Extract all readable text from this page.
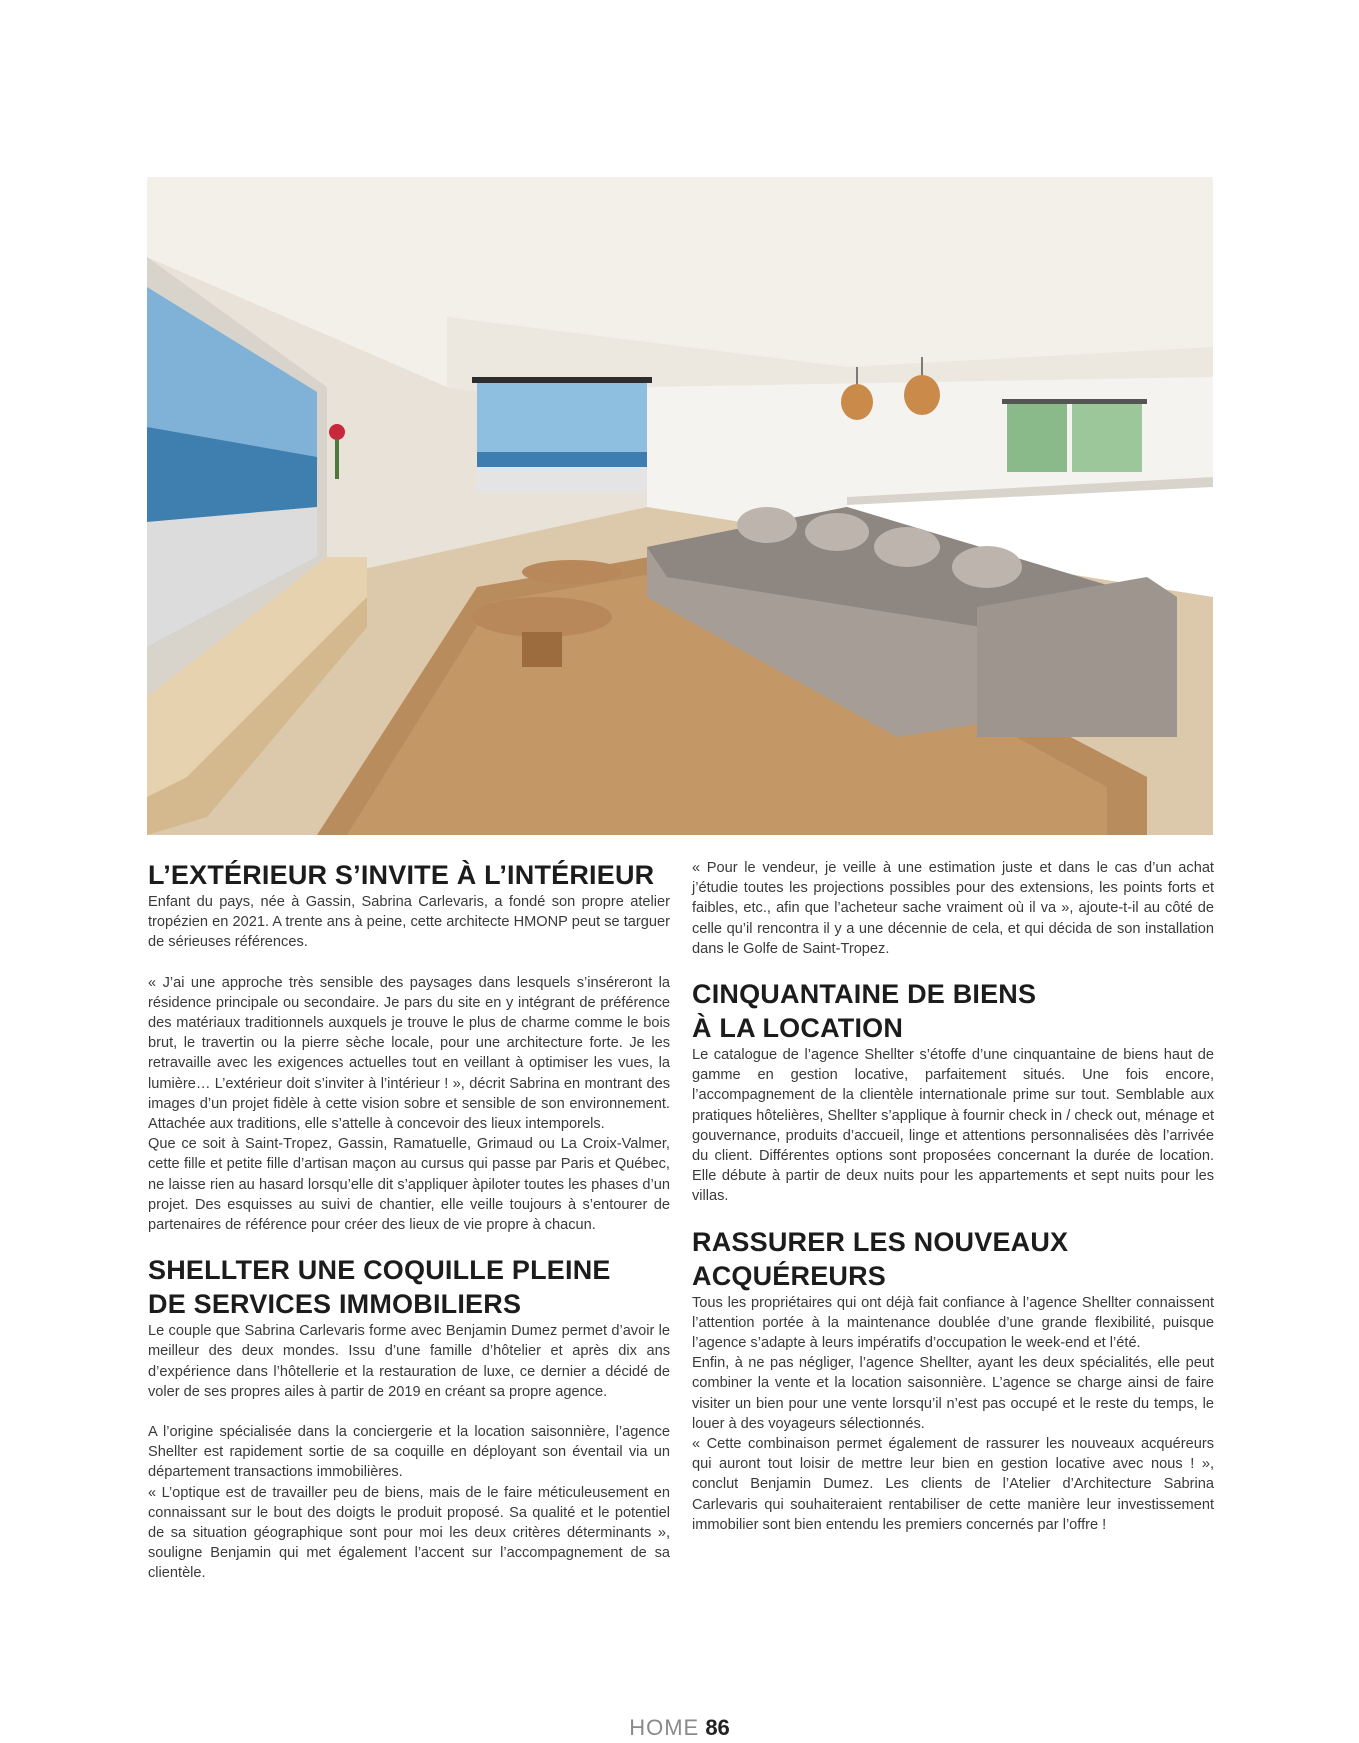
L’EXTÉRIEUR S’INVITE À L’INTÉRIEUR

Enfant du pays, née à Gassin, Sabrina Carlevaris, a fondé son propre atelier tropézien en 2021. A trente ans à peine, cette architecte HMONP peut se targuer de sérieuses références.

« J’ai une approche très sensible des paysages dans lesquels s’inséreront la résidence principale ou secondaire. Je pars du site en y intégrant de préférence des matériaux traditionnels auxquels je trouve le plus de charme comme le bois brut, le travertin ou la pierre sèche locale, pour une architecture forte. Je les retravaille avec les exigences actuelles tout en veillant à optimiser les vues, la lumière… L’extérieur doit s’inviter à l’intérieur ! », décrit Sabrina en montrant des images d’un projet fidèle à cette vision sobre et sensible de son environnement. Attachée aux traditions, elle s’attelle à concevoir des lieux intemporels.

Que ce soit à Saint-Tropez, Gassin, Ramatuelle, Grimaud ou La Croix-Valmer, cette fille et petite fille d’artisan maçon au cursus qui passe par Paris et Québec, ne laisse rien au hasard lorsqu’elle dit s’appliquer àpiloter toutes les phases d’un projet. Des esquisses au suivi de chantier, elle veille toujours à s’entourer de partenaires de référence pour créer des lieux de vie propre à chacun.

SHELLTER UNE COQUILLE PLEINE
DE SERVICES IMMOBILIERS

Le couple que Sabrina Carlevaris forme avec Benjamin Dumez permet d’avoir le meilleur des deux mondes. Issu d’une famille d’hôtelier et après dix ans d’expérience dans l’hôtellerie et la restauration de luxe, ce dernier a décidé de voler de ses propres ailes à partir de 2019 en créant sa propre agence.

A l’origine spécialisée dans la conciergerie et la location saisonnière, l’agence Shellter est rapidement sortie de sa coquille en déployant son éventail via un département transactions immobilières.

« L’optique est de travailler peu de biens, mais de le faire méticuleusement en connaissant sur le bout des doigts le produit proposé. Sa qualité et le potentiel de sa situation géographique sont pour moi les deux critères déterminants », souligne Benjamin qui met également l’accent sur l’accompagnement de sa clientèle.

« Pour le vendeur, je veille à une estimation juste et dans le cas d’un achat j’étudie toutes les projections possibles pour des extensions, les points forts et faibles, etc., afin que l’acheteur sache vraiment où il va », ajoute-t-il au côté de celle qu’il rencontra il y a une décennie de cela, et qui décida de son installation dans le Golfe de Saint-Tropez.

CINQUANTAINE DE BIENS
À LA LOCATION

Le catalogue de l’agence Shellter s’étoffe d’une cinquantaine de biens haut de gamme en gestion locative, parfaitement situés. Une fois encore, l’accompagnement de la clientèle internationale prime sur tout. Semblable aux pratiques hôtelières, Shellter s’applique à fournir check in / check out, ménage et gouvernance, produits d’accueil, linge et attentions personnalisées dès l’arrivée du client. Différentes options sont proposées concernant la durée de location. Elle débute à partir de deux nuits pour les appartements et sept nuits pour les villas.

RASSURER LES NOUVEAUX
ACQUÉREURS

Tous les propriétaires qui ont déjà fait confiance à l’agence Shellter connaissent l’attention portée à la maintenance doublée d’une grande flexibilité, puisque l’agence s’adapte à leurs impératifs d’occupation le week-end et l’été.

Enfin, à ne pas négliger, l’agence Shellter, ayant les deux spécialités, elle peut combiner la vente et la location saisonnière. L’agence se charge ainsi de faire visiter un bien pour une vente lorsqu’il n’est pas occupé et le reste du temps, le louer à des voyageurs sélectionnés.

« Cette combinaison permet également de rassurer les nouveaux acquéreurs qui auront tout loisir de mettre leur bien en gestion locative avec nous ! », conclut Benjamin Dumez. Les clients de l’Atelier d’Architecture Sabrina Carlevaris qui souhaiteraient rentabiliser de cette manière leur investissement immobilier sont bien entendu les premiers concernés par l’offre !

HOME 86
